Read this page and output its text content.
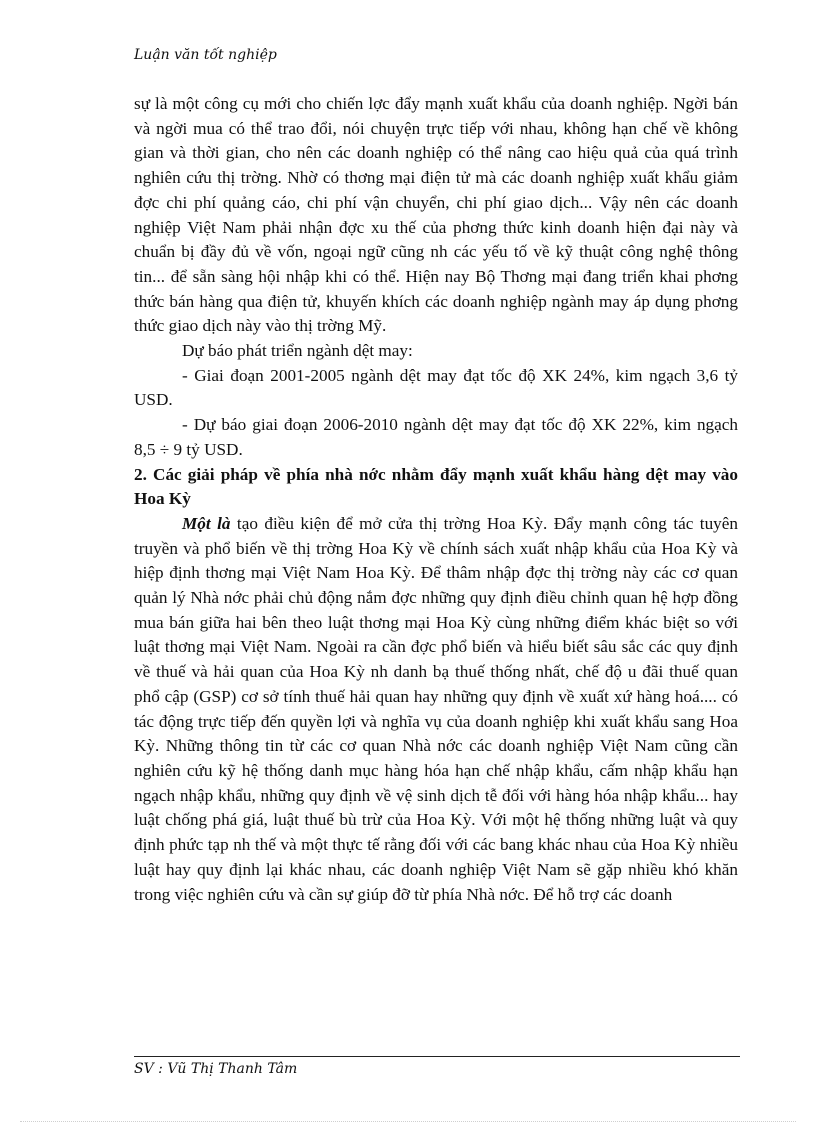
Luận văn tốt nghiệp

sự là một công cụ mới cho chiến lợc đẩy mạnh xuất khẩu của doanh nghiệp. Ngời bán và ngời mua có thể trao đổi, nói chuyện trực tiếp với nhau, không hạn chế về không gian và thời gian, cho nên các doanh nghiệp có thể nâng cao hiệu quả của quá trình nghiên cứu thị trờng. Nhờ có thơng mại điện tử mà các doanh nghiệp xuất khẩu giảm đợc chi phí quảng cáo, chi phí vận chuyển, chi phí giao dịch... Vậy nên các doanh nghiệp Việt Nam phải nhận đợc xu thế của phơng thức kinh doanh hiện đại này và chuẩn bị đầy đủ về vốn, ngoại ngữ cũng nh các yếu tố về kỹ thuật công nghệ thông tin... để sẵn sàng hội nhập khi có thể. Hiện nay Bộ Thơng mại đang triển khai phơng thức bán hàng qua điện tử, khuyến khích các doanh nghiệp ngành may áp dụng phơng thức giao dịch này vào thị trờng Mỹ.

Dự báo phát triển ngành dệt may:

- Giai đoạn 2001-2005 ngành dệt may đạt tốc độ XK 24%, kim ngạch 3,6 tỷ USD.

- Dự báo giai đoạn 2006-2010 ngành dệt may đạt tốc độ XK 22%, kim ngạch 8,5 ÷ 9 tỷ USD.

2. Các giải pháp về phía nhà nớc nhằm đẩy mạnh xuất khẩu hàng dệt may vào Hoa Kỳ

Một là tạo điều kiện để mở cửa thị trờng Hoa Kỳ. Đẩy mạnh công tác tuyên truyền và phổ biến về thị trờng Hoa Kỳ về chính sách xuất nhập khẩu của Hoa Kỳ và hiệp định thơng mại Việt Nam Hoa Kỳ. Để thâm nhập đợc thị trờng này các cơ quan quản lý Nhà nớc phải chủ động nắm đợc những quy định điều chỉnh quan hệ hợp đồng mua bán giữa hai bên theo luật thơng mại Hoa Kỳ cùng những điểm khác biệt so với luật thơng mại Việt Nam. Ngoài ra cần đợc phổ biến và hiểu biết sâu sắc các quy định về thuế và hải quan của Hoa Kỳ nh danh bạ thuế thống nhất, chế độ u đãi thuế quan phổ cập (GSP) cơ sở tính thuế hải quan hay những quy định về xuất xứ hàng hoá.... có tác động trực tiếp đến quyền lợi và nghĩa vụ của doanh nghiệp khi xuất khẩu sang Hoa Kỳ. Những thông tin từ các cơ quan Nhà nớc các doanh nghiệp Việt Nam cũng cần nghiên cứu kỹ hệ thống danh mục hàng hóa hạn chế nhập khẩu, cấm nhập khẩu hạn ngạch nhập khẩu, những quy định về vệ sinh dịch tễ đối với hàng hóa nhập khẩu... hay luật chống phá giá, luật thuế bù trừ của Hoa Kỳ. Với một hệ thống những luật và quy định phức tạp nh thế và một thực tế rằng đối với các bang khác nhau của Hoa Kỳ nhiều luật hay quy định lại khác nhau, các doanh nghiệp Việt Nam sẽ gặp nhiều khó khăn trong việc nghiên cứu và cần sự giúp đỡ từ phía Nhà nớc. Để hỗ trợ các doanh

SV : Vũ Thị Thanh Tâm
